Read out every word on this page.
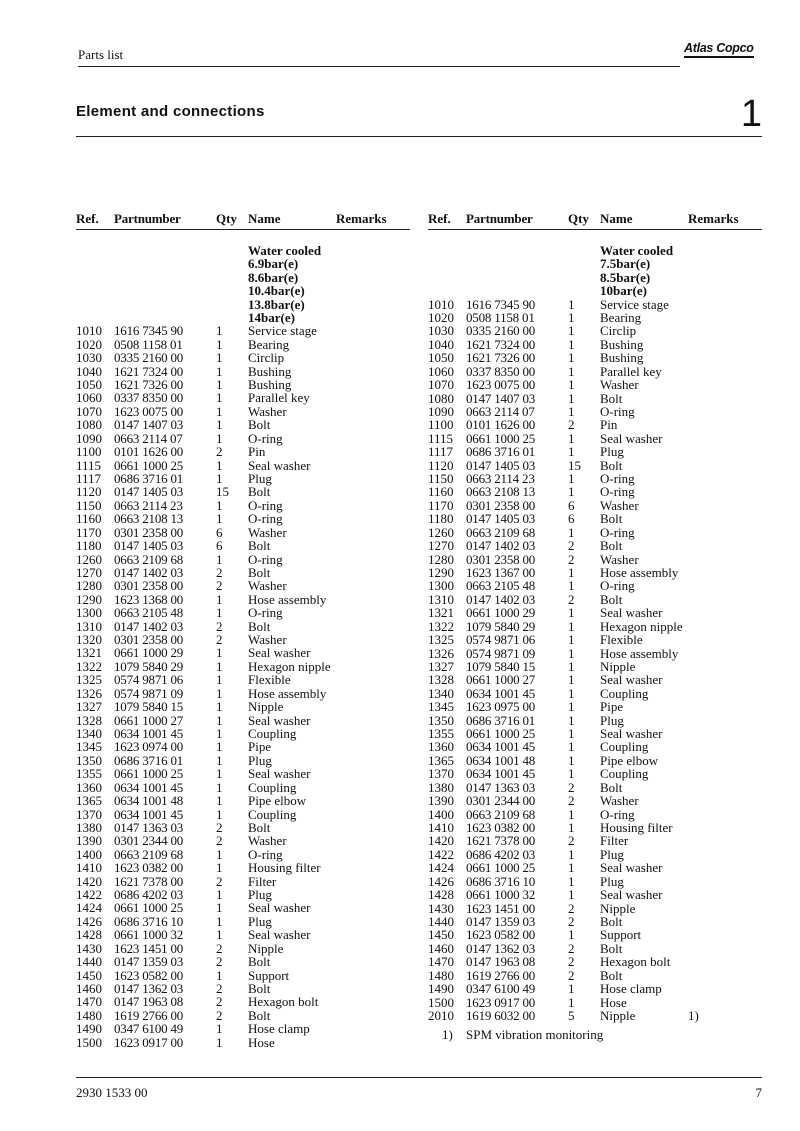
Parts list	Atlas Copco
Element and connections	1
Ref. Partnumber	Qty Name	Remarks
Water cooled
6.9bar(e)
8.6bar(e)
10.4bar(e)
13.8bar(e)
14bar(e)
1010 1616 7345 90	1 Service stage
1020 0508 1158 01	1 Bearing
1030 0335 2160 00	1 Circlip
1040 1621 7324 00	1 Bushing
1050 1621 7326 00	1 Bushing
1060 0337 8350 00	1 Parallel key
1070 1623 0075 00	1 Washer
1080 0147 1407 03	1 Bolt
1090 0663 2114 07	1 O-ring
1100 0101 1626 00	2 Pin
1115 0661 1000 25	1 Seal washer
1117 0686 3716 01	1 Plug
1120 0147 1405 03	15 Bolt
1150 0663 2114 23	1 O-ring
1160 0663 2108 13	1 O-ring
1170 0301 2358 00	6 Washer
1180 0147 1405 03	6 Bolt
1260 0663 2109 68	1 O-ring
1270 0147 1402 03	2 Bolt
1280 0301 2358 00	2 Washer
1290 1623 1368 00	1 Hose assembly
1300 0663 2105 48	1 O-ring
1310 0147 1402 03	2 Bolt
1320 0301 2358 00	2 Washer
1321 0661 1000 29	1 Seal washer
1322 1079 5840 29	1 Hexagon nipple
1325 0574 9871 06	1 Flexible
1326 0574 9871 09	1 Hose assembly
1327 1079 5840 15	1 Nipple
1328 0661 1000 27	1 Seal washer
1340 0634 1001 45	1 Coupling
1345 1623 0974 00	1 Pipe
1350 0686 3716 01	1 Plug
1355 0661 1000 25	1 Seal washer
1360 0634 1001 45	1 Coupling
1365 0634 1001 48	1 Pipe elbow
1370 0634 1001 45	1 Coupling
1380 0147 1363 03	2 Bolt
1390 0301 2344 00	2 Washer
1400 0663 2109 68	1 O-ring
1410 1623 0382 00	1 Housing filter
1420 1621 7378 00	2 Filter
1422 0686 4202 03	1 Plug
1424 0661 1000 25	1 Seal washer
1426 0686 3716 10	1 Plug
1428 0661 1000 32	1 Seal washer
1430 1623 1451 00	2 Nipple
1440 0147 1359 03	2 Bolt
1450 1623 0582 00	1 Support
1460 0147 1362 03	2 Bolt
1470 0147 1963 08	2 Hexagon bolt
1480 1619 2766 00	2 Bolt
1490 0347 6100 49	1 Hose clamp
1500 1623 0917 00	1 Hose
Ref. Partnumber	Qty Name	Remarks
Water cooled
7.5bar(e)
8.5bar(e)
10bar(e)
1010 1616 7345 90	1 Service stage
1020 0508 1158 01	1 Bearing
1030 0335 2160 00	1 Circlip
1040 1621 7324 00	1 Bushing
1050 1621 7326 00	1 Bushing
1060 0337 8350 00	1 Parallel key
1070 1623 0075 00	1 Washer
1080 0147 1407 03	1 Bolt
1090 0663 2114 07	1 O-ring
1100 0101 1626 00	2 Pin
1115 0661 1000 25	1 Seal washer
1117 0686 3716 01	1 Plug
1120 0147 1405 03	15 Bolt
1150 0663 2114 23	1 O-ring
1160 0663 2108 13	1 O-ring
1170 0301 2358 00	6 Washer
1180 0147 1405 03	6 Bolt
1260 0663 2109 68	1 O-ring
1270 0147 1402 03	2 Bolt
1280 0301 2358 00	2 Washer
1290 1623 1367 00	1 Hose assembly
1300 0663 2105 48	1 O-ring
1310 0147 1402 03	2 Bolt
1321 0661 1000 29	1 Seal washer
1322 1079 5840 29	1 Hexagon nipple
1325 0574 9871 06	1 Flexible
1326 0574 9871 09	1 Hose assembly
1327 1079 5840 15	1 Nipple
1328 0661 1000 27	1 Seal washer
1340 0634 1001 45	1 Coupling
1345 1623 0975 00	1 Pipe
1350 0686 3716 01	1 Plug
1355 0661 1000 25	1 Seal washer
1360 0634 1001 45	1 Coupling
1365 0634 1001 48	1 Pipe elbow
1370 0634 1001 45	1 Coupling
1380 0147 1363 03	2 Bolt
1390 0301 2344 00	2 Washer
1400 0663 2109 68	1 O-ring
1410 1623 0382 00	1 Housing filter
1420 1621 7378 00	2 Filter
1422 0686 4202 03	1 Plug
1424 0661 1000 25	1 Seal washer
1426 0686 3716 10	1 Plug
1428 0661 1000 32	1 Seal washer
1430 1623 1451 00	2 Nipple
1440 0147 1359 03	2 Bolt
1450 1623 0582 00	1 Support
1460 0147 1362 03	2 Bolt
1470 0147 1963 08	2 Hexagon bolt
1480 1619 2766 00	2 Bolt
1490 0347 6100 49	1 Hose clamp
1500 1623 0917 00	1 Hose
2010 1619 6032 00	5 Nipple	1)
1) SPM vibration monitoring
2930 1533 00	7
